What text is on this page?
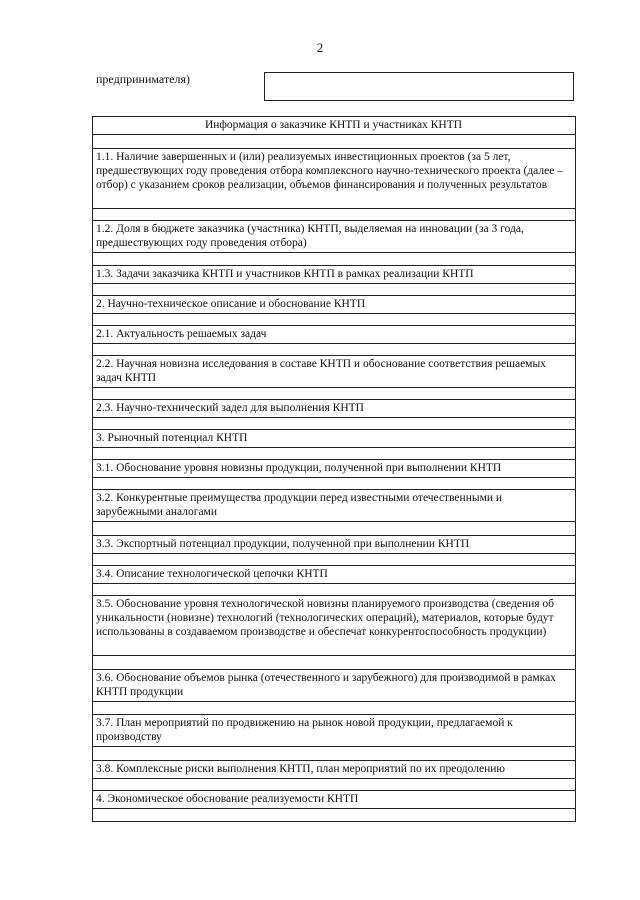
2
предпринимателя)
Информация о заказчике КНТП и участниках КНТП
1.1. Наличие завершенных и (или) реализуемых инвестиционных проектов (за 5 лет, предшествующих году проведения отбора комплексного научно-технического проекта (далее – отбор) с указанием сроков реализации, объемов финансирования и полученных результатов
1.2. Доля в бюджете заказчика (участника) КНТП, выделяемая на инновации (за 3 года, предшествующих году проведения отбора)
1.3. Задачи заказчика КНТП и участников КНТП в рамках реализации КНТП
2. Научно-техническое описание и обоснование КНТП
2.1. Актуальность решаемых задач
2.2. Научная новизна исследования в составе КНТП и обоснование соответствия решаемых задач КНТП
2.3. Научно-технический задел для выполнения КНТП
3. Рыночный потенциал КНТП
3.1. Обоснование уровня новизны продукции, полученной при выполнении КНТП
3.2. Конкурентные преимущества продукции перед известными отечественными и зарубежными аналогами
3.3. Экспортный потенциал продукции, полученной при выполнении КНТП
3.4. Описание технологической цепочки КНТП
3.5. Обоснование уровня технологической новизны планируемого производства (сведения об уникальности (новизне) технологий (технологических операций), материалов, которые будут использованы в создаваемом производстве и обеспечат конкурентоспособность продукции)
3.6. Обоснование объемов рынка (отечественного и зарубежного) для производимой в рамках КНТП продукции
3.7. План мероприятий по продвижению на рынок новой продукции, предлагаемой к производству
3.8. Комплексные риски выполнения КНТП, план мероприятий по их преодолению
4. Экономическое обоснование реализуемости КНТП
